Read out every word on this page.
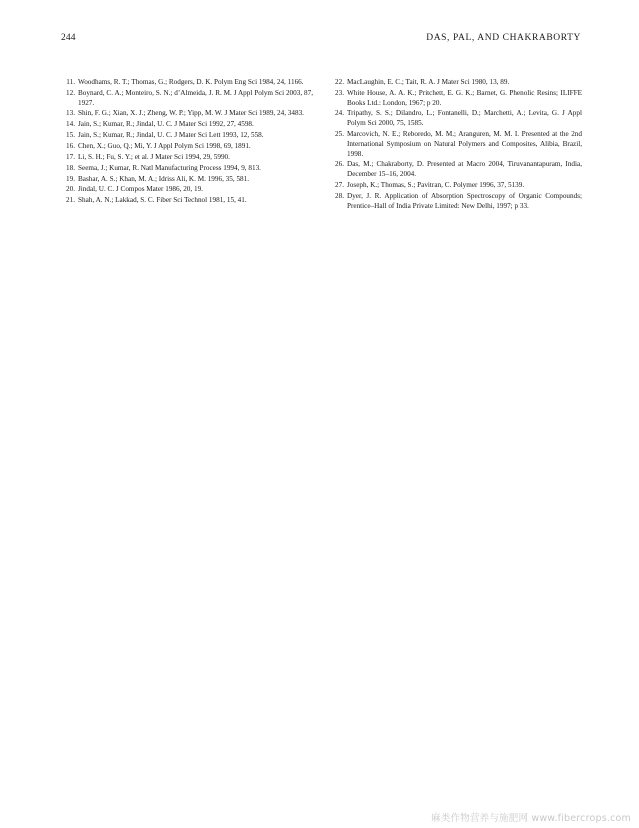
244	DAS, PAL, AND CHAKRABORTY
11. Woodhams, R. T.; Thomas, G.; Rodgers, D. K. Polym Eng Sci 1984, 24, 1166.
12. Boynard, C. A.; Monteiro, S. N.; d’Almeida, J. R. M. J Appl Polym Sci 2003, 87, 1927.
13. Shin, F. G.; Xian, X. J.; Zheng, W. P.; Yipp, M. W. J Mater Sci 1989, 24, 3483.
14. Jain, S.; Kumar, R.; Jindal, U. C. J Mater Sci 1992, 27, 4598.
15. Jain, S.; Kumar, R.; Jindal, U. C. J Mater Sci Lett 1993, 12, 558.
16. Chen, X.; Guo, Q.; Mi, Y. J Appl Polym Sci 1998, 69, 1891.
17. Li, S. H.; Fu, S. Y.; et al. J Mater Sci 1994, 29, 5990.
18. Seema, J.; Kumar, R. Natl Manufacturing Process 1994, 9, 813.
19. Bashar, A. S.; Khan, M. A.; Idriss Ali, K. M. 1996, 35, 581.
20. Jindal, U. C. J Compos Mater 1986, 20, 19.
21. Shah, A. N.; Lakkad, S. C. Fiber Sci Technol 1981, 15, 41.
22. MacLaughin, E. C.; Tait, R. A. J Mater Sci 1980, 13, 89.
23. White House, A. A. K.; Pritchett, E. G. K.; Barnet, G. Phenolic Resins; ILIFFE Books Ltd.: London, 1967; p 20.
24. Tripathy, S. S.; Dilandro, L.; Fontanelli, D.; Marchetti, A.; Levita, G. J Appl Polym Sci 2000, 75, 1585.
25. Marcovich, N. E.; Reboredo, M. M.; Aranguren, M. M. I. Presented at the 2nd International Symposium on Natural Polymers and Composites, Alibia, Brazil, 1998.
26. Das, M.; Chakraborty, D. Presented at Macro 2004, Tiruvanantapuram, India, December 15–16, 2004.
27. Joseph, K.; Thomas, S.; Pavitran, C. Polymer 1996, 37, 5139.
28. Dyer, J. R. Application of Absorption Spectroscopy of Organic Compounds; Prentice–Hall of India Private Limited: New Delhi, 1997; p 33.
麻类作物营养与施肥网 www.fibercrops.com
